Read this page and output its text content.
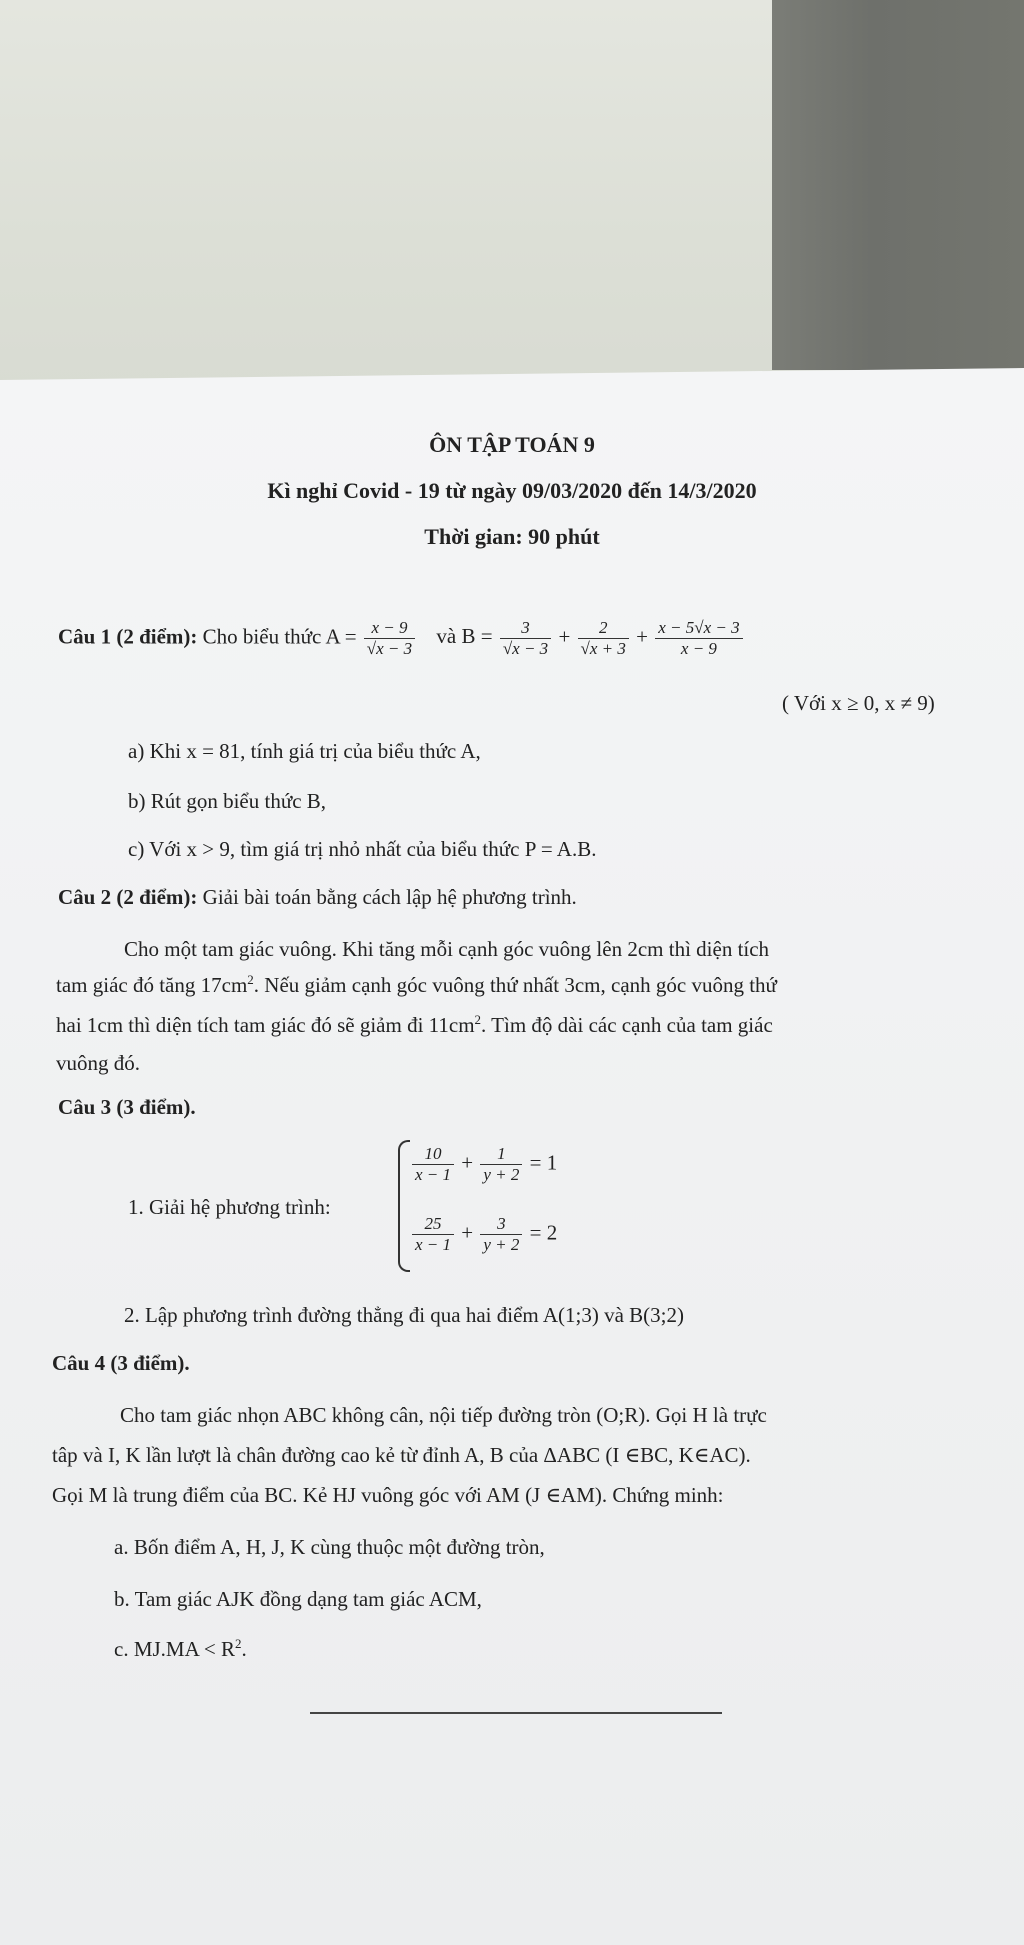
ÔN TẬP TOÁN 9
Kì nghỉ Covid - 19 từ ngày 09/03/2020 đến 14/3/2020
Thời gian: 90 phút
Câu 1 (2 điểm): Cho biểu thức $A = \frac{x - 9}{√x - 3}$ và $B = \frac{3}{√x - 3} + \frac{2}{√x + 3} + \frac{x - 5√x - 3}{x - 9}$
( Với x ≥ 0, x ≠ 9)
a) Khi x = 81, tính giá trị của biểu thức A,
b) Rút gọn biểu thức B,
c) Với x > 9, tìm giá trị nhỏ nhất của biểu thức P = A.B.
Câu 2 (2 điểm): Giải bài toán bằng cách lập hệ phương trình.
Cho một tam giác vuông. Khi tăng mỗi cạnh góc vuông lên 2cm thì diện tích
tam giác đó tăng $17cm^2$. Nếu giảm cạnh góc vuông thứ nhất 3cm, cạnh góc vuông thứ
hai 1cm thì diện tích tam giác đó sẽ giảm đi $11cm^2$. Tìm độ dài các cạnh của tam giác
vuông đó.
Câu 3 (3 điểm).
1. Giải hệ phương trình:
$\frac{10}{x - 1} + \frac{1}{y + 2} = 1$
$\frac{25}{x - 1} + \frac{3}{y + 2} = 2$
2. Lập phương trình đường thẳng đi qua hai điểm A(1;3) và B(3;2)
Câu 4 (3 điểm).
Cho tam giác nhọn ABC không cân, nội tiếp đường tròn (O;R). Gọi H là trực
tâp và I, K lần lượt là chân đường cao kẻ từ đỉnh A, B của ΔABC (I ∈BC, K∈AC).
Gọi M là trung điểm của BC. Kẻ HJ vuông góc với AM (J ∈AM). Chứng minh:
a. Bốn điểm A, H, J, K cùng thuộc một đường tròn,
b. Tam giác AJK đồng dạng tam giác ACM,
c. $MJ.MA < R^2$.
